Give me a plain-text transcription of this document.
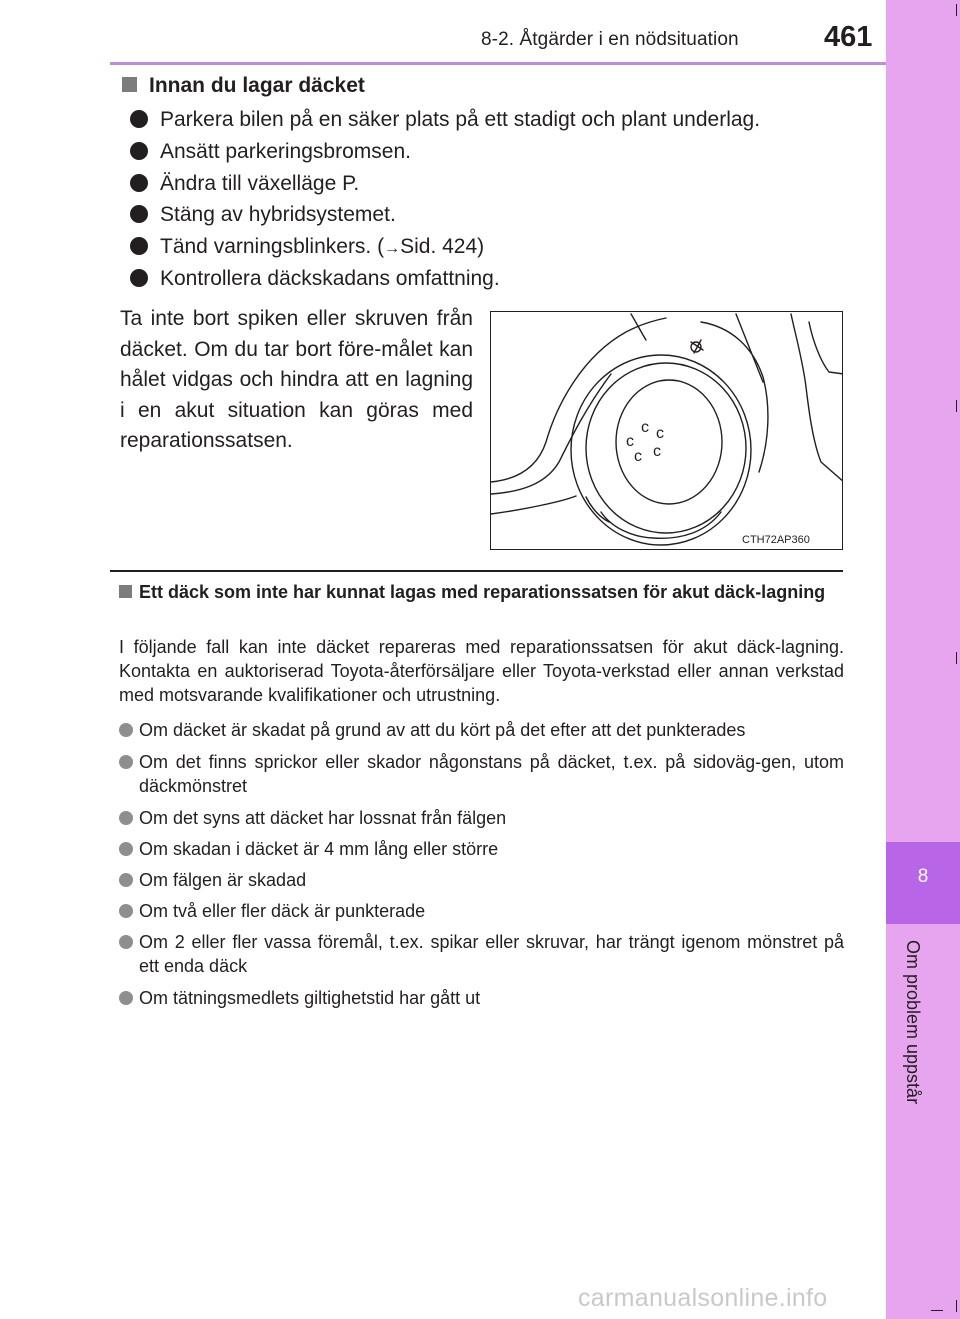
8-2. Åtgärder i en nödsituation	461
8
Om problem uppstår
Innan du lagar däcket
Parkera bilen på en säker plats på ett stadigt och plant underlag.
Ansätt parkeringsbromsen.
Ändra till växelläge P.
Stäng av hybridsystemet.
Tänd varningsblinkers. (→Sid. 424)
Kontrollera däckskadans omfattning.
Ta inte bort spiken eller skruven från däcket. Om du tar bort före-målet kan hålet vidgas och hindra att en lagning i en akut situation kan göras med reparationssatsen.
c c
c
c
c
CTH72AP360
Ett däck som inte har kunnat lagas med reparationssatsen för akut däck-lagning
I följande fall kan inte däcket repareras med reparationssatsen för akut däck-lagning. Kontakta en auktoriserad Toyota-återförsäljare eller Toyota-verkstad eller annan verkstad med motsvarande kvalifikationer och utrustning.
Om däcket är skadat på grund av att du kört på det efter att det punkterades
Om det finns sprickor eller skador någonstans på däcket, t.ex. på sidoväg-gen, utom däckmönstret
Om det syns att däcket har lossnat från fälgen
Om skadan i däcket är 4 mm lång eller större
Om fälgen är skadad
Om två eller fler däck är punkterade
Om 2 eller fler vassa föremål, t.ex. spikar eller skruvar, har trängt igenom mönstret på ett enda däck
Om tätningsmedlets giltighetstid har gått ut
carmanualsonline.info
